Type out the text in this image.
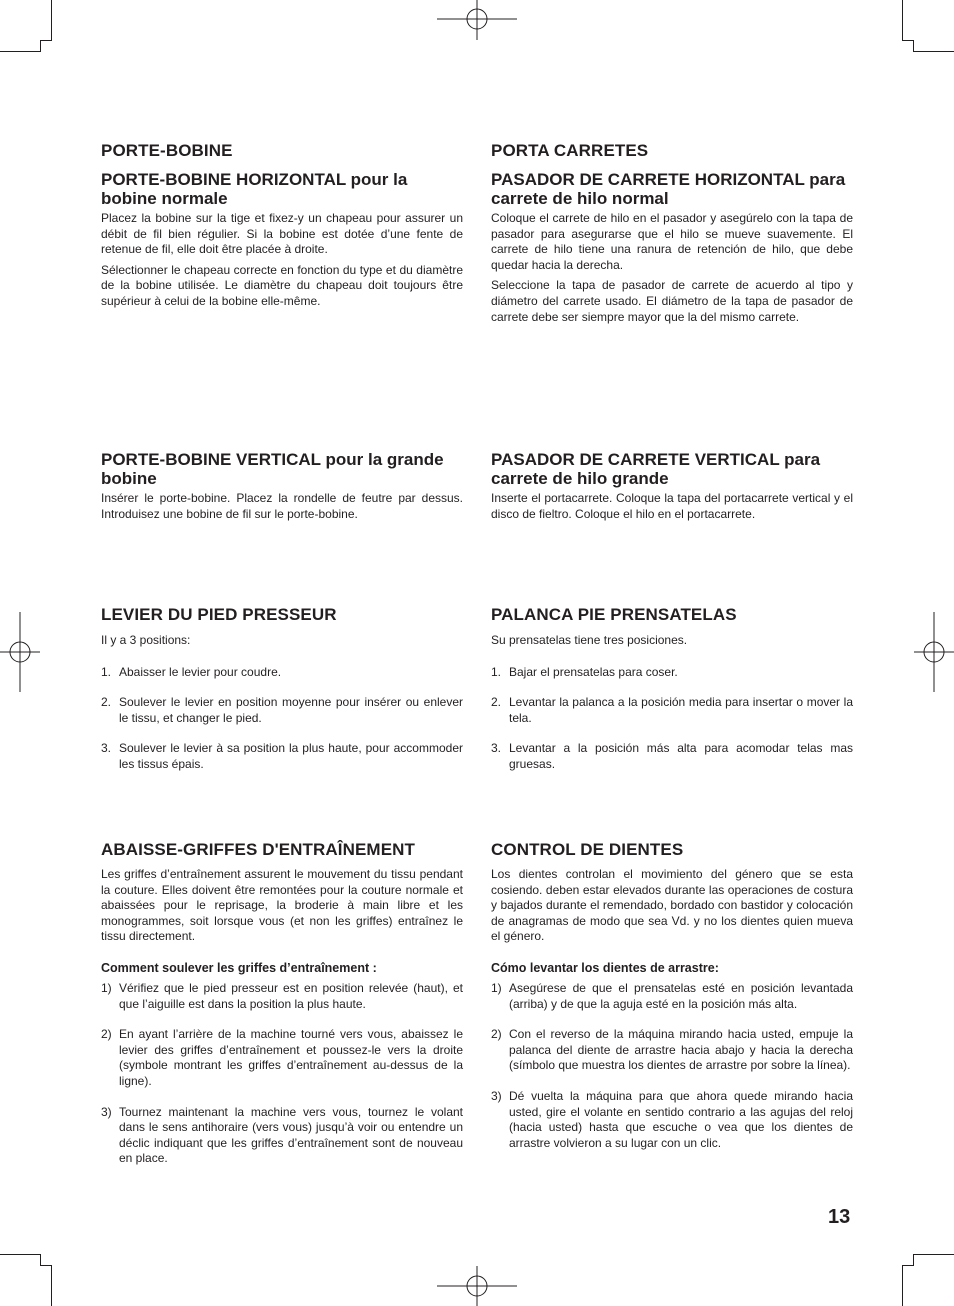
PORTE-BOBINE
PORTE-BOBINE HORIZONTAL pour la bobine normale

Placez la bobine sur la tige et fixez-y un chapeau pour assurer un débit de fil bien régulier. Si la bobine est dotée d’une fente de retenue de fil, elle doit être placée à droite.

Sélectionner le chapeau correcte en fonction du type et du diamètre de la bobine utilisée. Le diamètre du chapeau doit toujours être supérieur à celui de la bobine elle-même.

PORTE-BOBINE VERTICAL pour la grande bobine

Insérer le porte-bobine. Placez la rondelle de feutre par dessus. Introduisez une bobine de fil sur le porte-bobine.

LEVIER DU PIED PRESSEUR

Il y a 3 positions:

1. Abaisser le levier pour coudre.
2. Soulever le levier en position moyenne pour insérer ou enlever le tissu, et changer le pied.
3. Soulever le levier à sa position la plus haute, pour accommoder les tissus épais.
ABAISSE-GRIFFES D'ENTRAÎNEMENT

Les griffes d’entraînement assurent le mouvement du tissu pendant la couture. Elles doivent être remontées pour la couture normale et abaissées pour le reprisage, la broderie à main libre et les monogrammes, soit lorsque vous (et non les griffes) entraînez le tissu directement.

Comment soulever les griffes d’entraînement :

1) Vérifiez que le pied presseur est en position relevée (haut), et que l’aiguille est dans la position la plus haute.
2) En ayant l’arrière de la machine tourné vers vous, abaissez le levier des griffes d’entraînement et poussez-le vers la droite (symbole montrant les griffes d’entraînement au-dessus de la ligne).
3) Tournez maintenant la machine vers vous, tournez le volant dans le sens antihoraire (vers vous) jusqu’à voir ou entendre un déclic indiquant que les griffes d’entraînement sont de nouveau en place.
PORTA CARRETES
PASADOR DE CARRETE HORIZONTAL para carrete de hilo normal

Coloque el carrete de hilo en el pasador y asegúrelo con la tapa de pasador para asegurarse que el hilo se mueve suavemente. El carrete de hilo tiene una ranura de retención de hilo, que debe quedar hacia la derecha.

Seleccione la tapa de pasador de carrete de acuerdo al tipo y diámetro del carrete usado. El diámetro de la tapa de pasador de carrete debe ser siempre mayor que la del mismo carrete.

PASADOR DE CARRETE VERTICAL para carrete de hilo grande

Inserte el portacarrete. Coloque la tapa del portacarrete vertical y el disco de fieltro. Coloque el hilo en el portacarrete.

PALANCA PIE PRENSATELAS

Su prensatelas tiene tres posiciones.

1. Bajar el prensatelas para coser.
2. Levantar la palanca a la posición media para insertar o mover la tela.
3. Levantar a la posición más alta para acomodar telas mas gruesas.
CONTROL DE DIENTES

Los dientes controlan el movimiento del género que se esta cosiendo. deben estar elevados durante las operaciones de costura y bajados durante el remendado, bordado con bastidor y colocación de anagramas de modo que sea Vd. y no los dientes quien mueva el género.

Cómo levantar los dientes de arrastre:

1) Asegúrese de que el prensatelas esté en posición levantada (arriba) y de que la aguja esté en la posición más alta.
2) Con el reverso de la máquina mirando hacia usted, empuje la palanca del diente de arrastre hacia abajo y hacia la derecha (símbolo que muestra los dientes de arrastre por sobre la línea).
3) Dé vuelta la máquina para que ahora quede mirando hacia usted, gire el volante en sentido contrario a las agujas del reloj (hacia usted) hasta que escuche o vea que los dientes de arrastre volvieron a su lugar con un clic.
13
